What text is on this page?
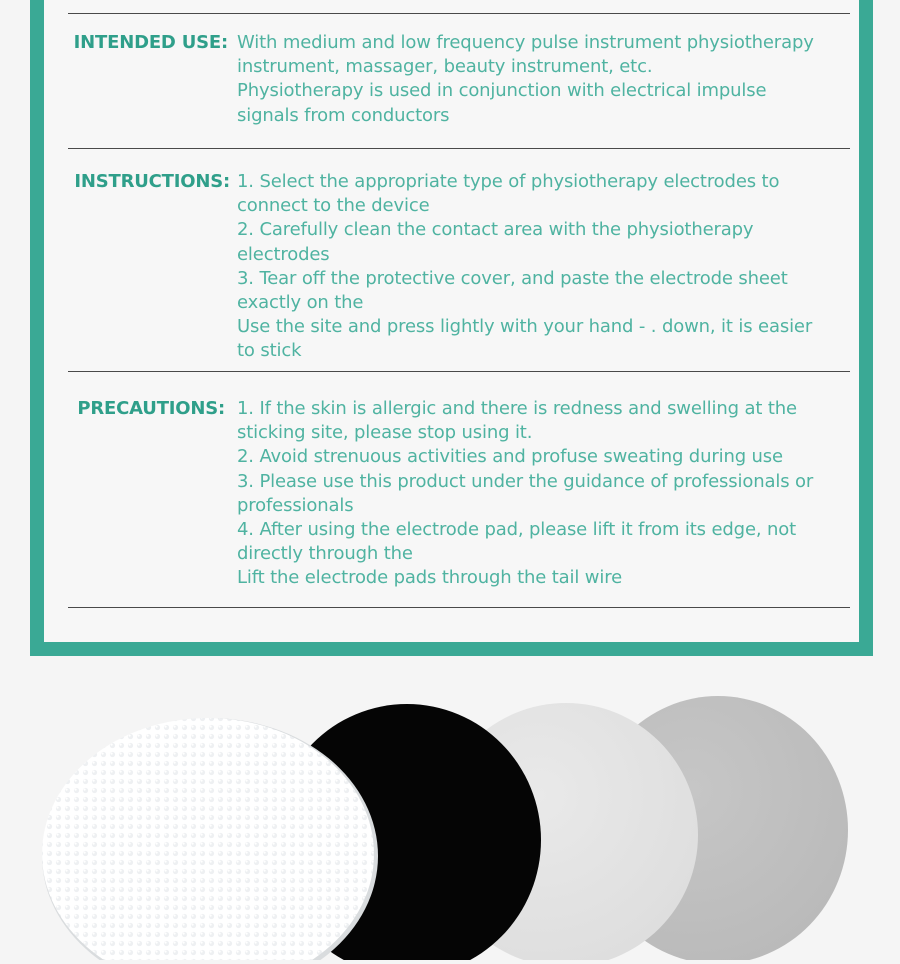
INTENDED USE: With medium and low frequency pulse instrument physiotherapy
instrument, massager, beauty instrument, etc.
Physiotherapy is used in conjunction with electrical impulse
signals from conductors
INSTRUCTIONS: 1. Select the appropriate type of physiotherapy electrodes to
connect to the device
2. Carefully clean the contact area with the physiotherapy
electrodes
3. Tear off the protective cover, and paste the electrode sheet
exactly on the
Use the site and press lightly with your hand - . down, it is easier
to stick
PRECAUTIONS: 1. If the skin is allergic and there is redness and swelling at the
sticking site, please stop using it.
2. Avoid strenuous activities and profuse sweating during use
3. Please use this product under the guidance of professionals or
professionals
4. After using the electrode pad, please lift it from its edge, not
directly through the
Lift the electrode pads through the tail wire
